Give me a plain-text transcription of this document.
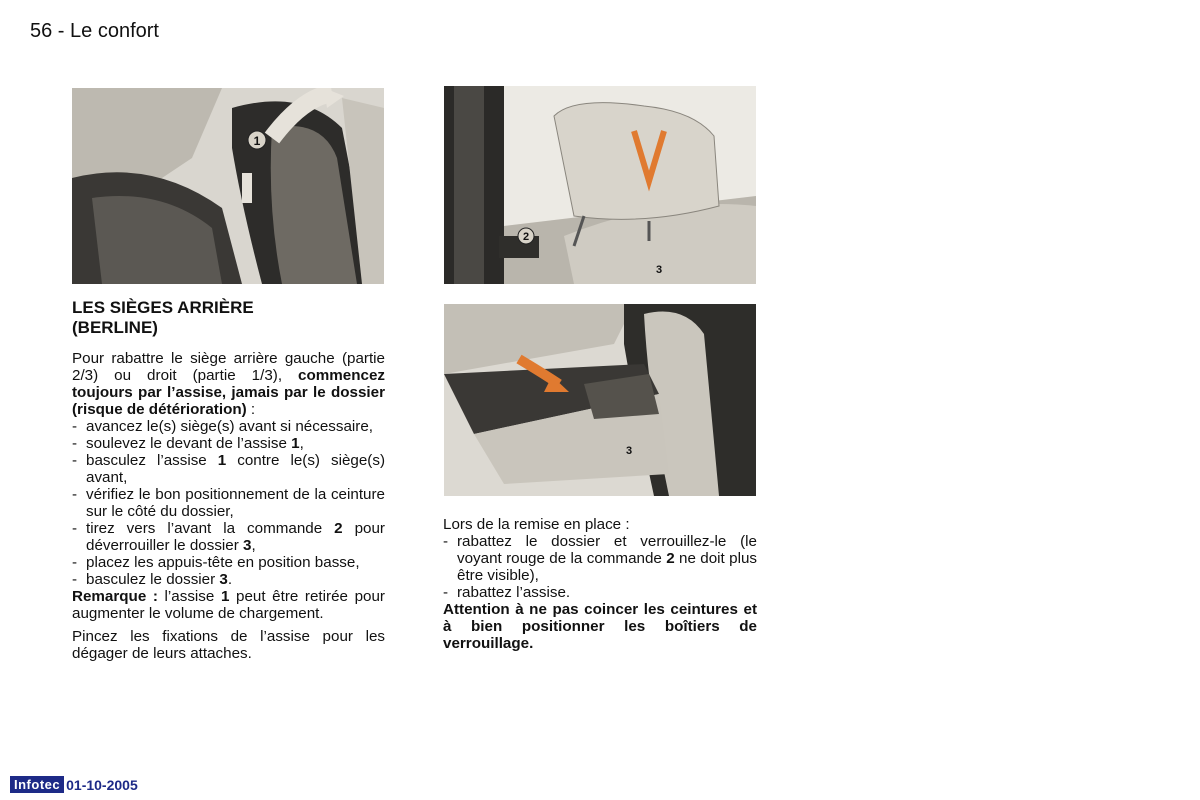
56 - Le confort
1
2
3
3
LES SIÈGES ARRIÈRE
(BERLINE)

Pour rabattre le siège arrière gauche (partie 2/3) ou droit (partie 1/3), commencez toujours par l’assise, jamais par le dossier (risque de détérioration) :

- avancez le(s) siège(s) avant si nécessaire,
- soulevez le devant de l’assise 1,
- basculez l’assise 1 contre le(s) siège(s) avant,
- vérifiez le bon positionnement de la ceinture sur le côté du dossier,
- tirez vers l’avant la commande 2 pour déverrouiller le dossier 3,
- placez les appuis-tête en position basse,
- basculez le dossier 3.

Remarque : l’assise 1 peut être retirée pour augmenter le volume de chargement.

Pincez les fixations de l’assise pour les dégager de leurs attaches.

Lors de la remise en place :

- rabattez le dossier et verrouillez-le (le voyant rouge de la commande 2 ne doit plus être visible),
- rabattez l’assise.

Attention à ne pas coincer les ceintures et à bien positionner les boîtiers de verrouillage.

Infotec 01-10-2005
